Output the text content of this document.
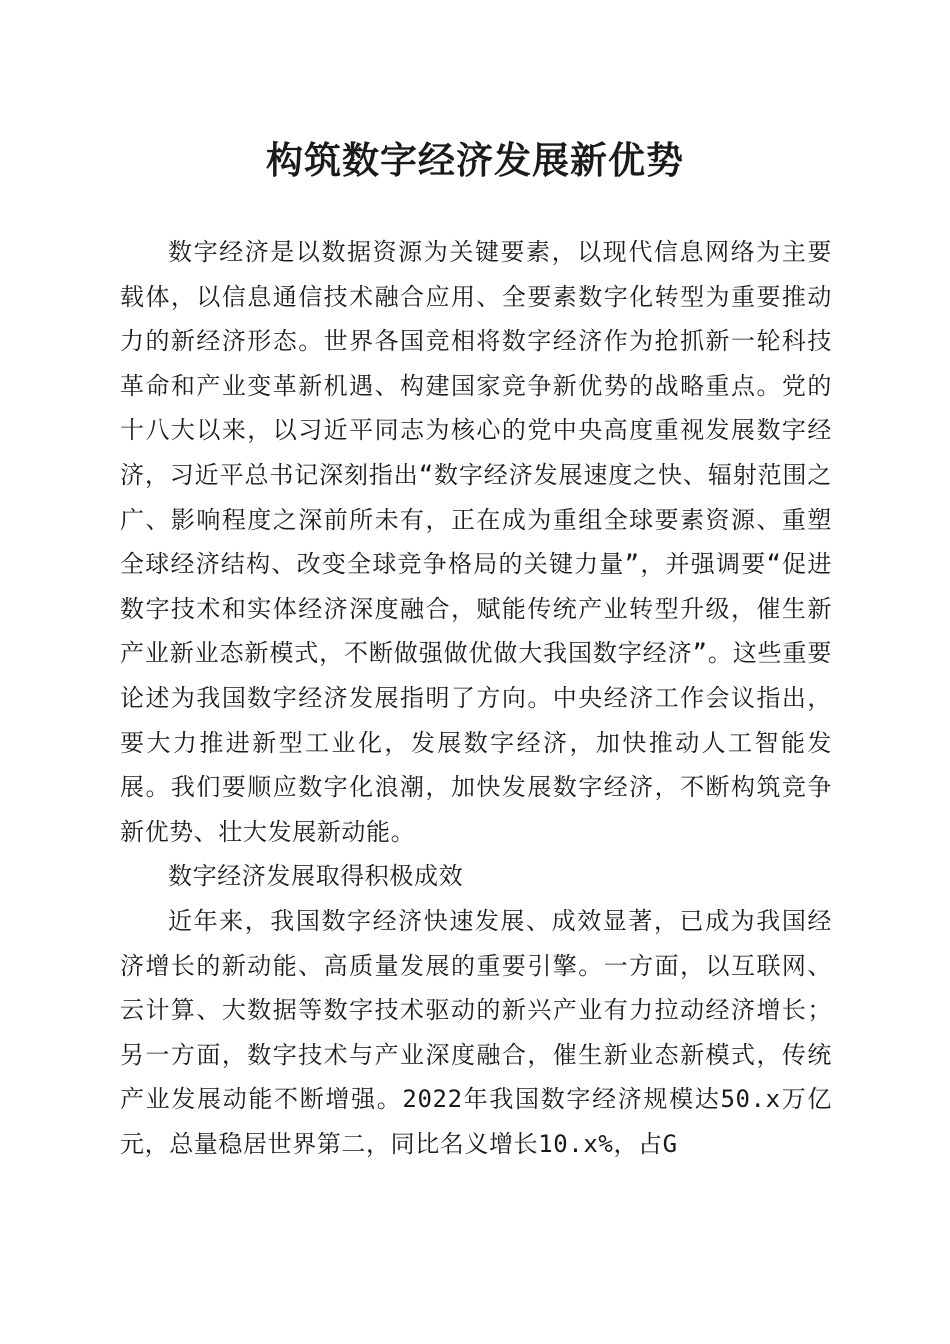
构筑数字经济发展新优势

数字经济是以数据资源为关键要素，以现代信息网络为主要载体，以信息通信技术融合应用、全要素数字化转型为重要推动力的新经济形态。世界各国竞相将数字经济作为抢抓新一轮科技革命和产业变革新机遇、构建国家竞争新优势的战略重点。党的十八大以来，以习近平同志为核心的党中央高度重视发展数字经济，习近平总书记深刻指出“数字经济发展速度之快、辐射范围之广、影响程度之深前所未有，正在成为重组全球要素资源、重塑全球经济结构、改变全球竞争格局的关键力量”，并强调要“促进数字技术和实体经济深度融合，赋能传统产业转型升级，催生新产业新业态新模式，不断做强做优做大我国数字经济”。这些重要论述为我国数字经济发展指明了方向。中央经济工作会议指出，要大力推进新型工业化，发展数字经济，加快推动人工智能发展。我们要顺应数字化浪潮，加快发展数字经济，不断构筑竞争新优势、壮大发展新动能。

数字经济发展取得积极成效

近年来，我国数字经济快速发展、成效显著，已成为我国经济增长的新动能、高质量发展的重要引擎。一方面，以互联网、云计算、大数据等数字技术驱动的新兴产业有力拉动经济增长；另一方面，数字技术与产业深度融合，催生新业态新模式，传统产业发展动能不断增强。2022年我国数字经济规模达50.x万亿元，总量稳居世界第二，同比名义增长10.x%，占G
